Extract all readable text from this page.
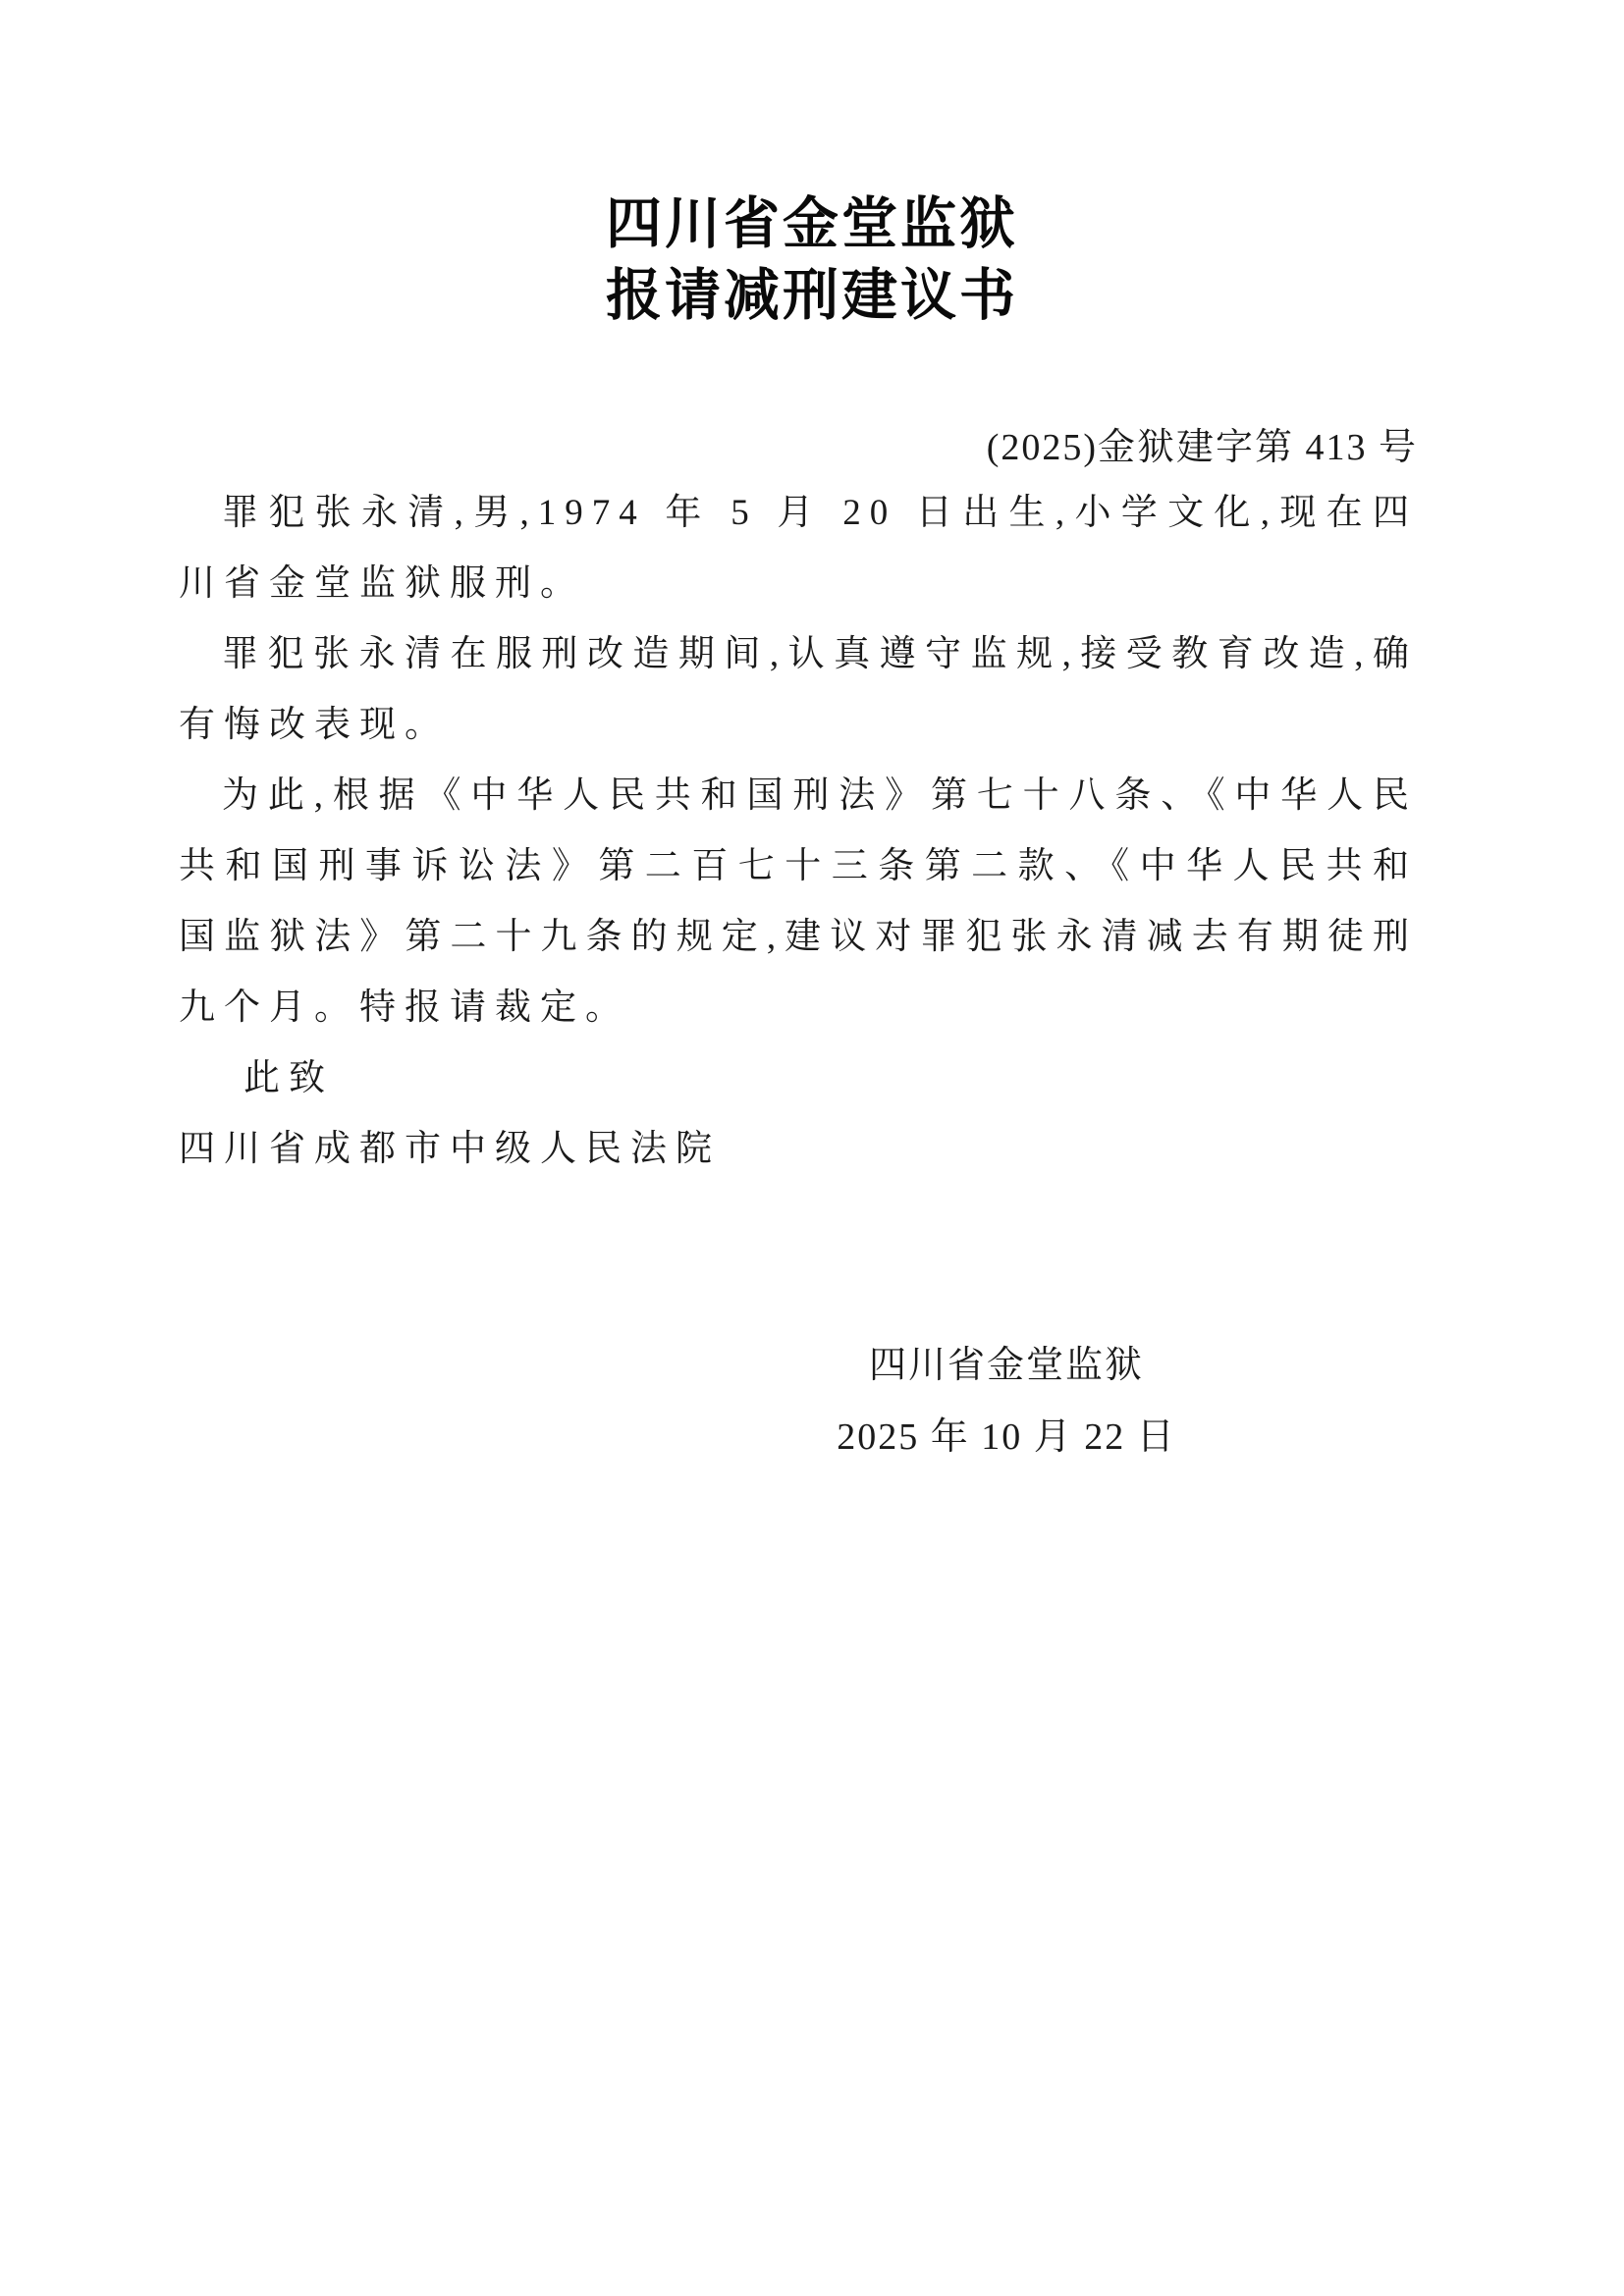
四川省金堂监狱
报请减刑建议书
(2025)金狱建字第 413 号

罪犯张永清,男,1974 年 5 月 20 日出生,小学文化,现在四川省金堂监狱服刑。

罪犯张永清在服刑改造期间,认真遵守监规,接受教育改造,确有悔改表现。

为此,根据《中华人民共和国刑法》第七十八条、《中华人民共和国刑事诉讼法》第二百七十三条第二款、《中华人民共和国监狱法》第二十九条的规定,建议对罪犯张永清减去有期徒刑九个月。特报请裁定。

此致

四川省成都市中级人民法院

四川省金堂监狱
2025 年 10 月 22 日
